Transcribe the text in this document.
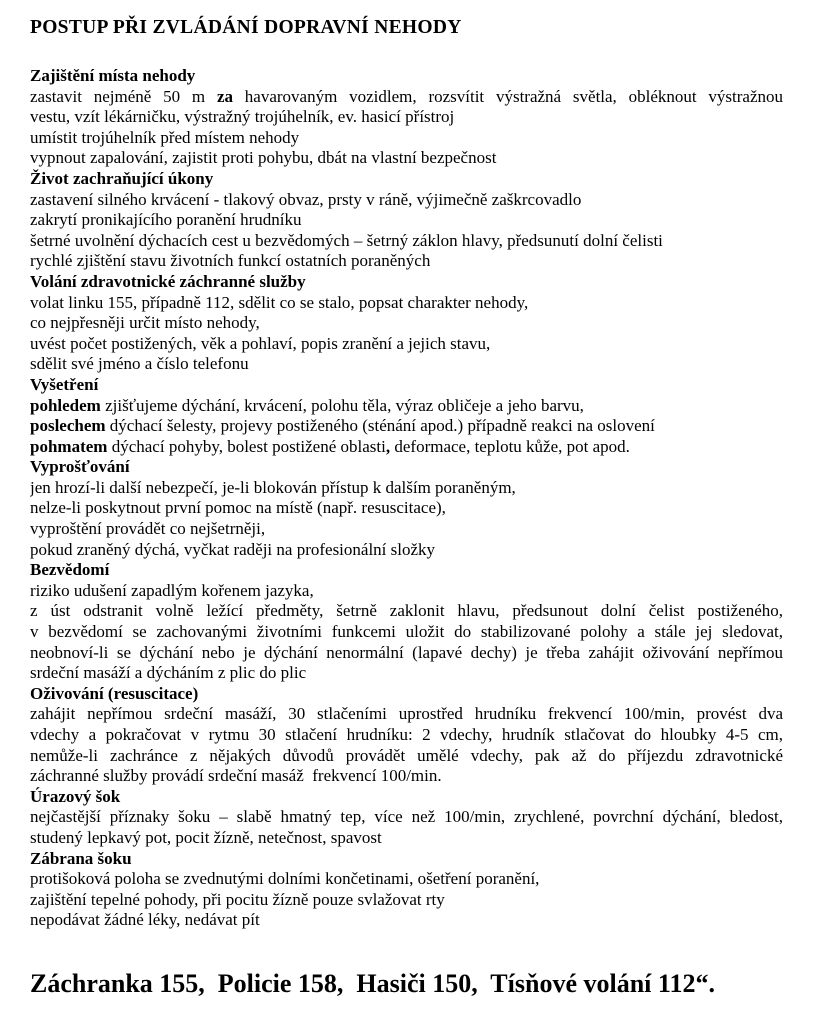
POSTUP PŘI ZVLÁDÁNÍ DOPRAVNÍ NEHODY
Zajištění místa nehody
zastavit nejméně 50 m za havarovaným vozidlem, rozsvítit výstražná světla, obléknout výstražnou
vestu, vzít lékárničku, výstražný trojúhelník, ev. hasicí přístroj
umístit trojúhelník před místem nehody
vypnout zapalování, zajistit proti pohybu, dbát na vlastní bezpečnost
Život zachraňující úkony
zastavení silného krvácení - tlakový obvaz, prsty v ráně, výjimečně zaškrcovadlo
zakrytí pronikajícího poranění hrudníku
šetrné uvolnění dýchacích cest u bezvědomých – šetrný záklon hlavy, předsunutí dolní čelisti
rychlé zjištění stavu životních funkcí ostatních poraněných
Volání zdravotnické záchranné služby
volat linku 155, případně 112, sdělit co se stalo, popsat charakter nehody,
co nejpřesněji určit místo nehody,
uvést počet postižených, věk a pohlaví, popis zranění a jejich stavu,
sdělit své jméno a číslo telefonu
Vyšetření
pohledem zjišťujeme dýchání, krvácení, polohu těla, výraz obličeje a jeho barvu,
poslechem dýchací šelesty, projevy postiženého (sténání apod.) případně reakci na oslovení
pohmatem dýchací pohyby, bolest postižené oblasti, deformace, teplotu kůže, pot apod.
Vyprošťování
jen hrozí-li další nebezpečí, je-li blokován přístup k dalším poraněným,
nelze-li poskytnout první pomoc na místě (např. resuscitace),
vyproštění provádět co nejšetrněji,
pokud zraněný dýchá, vyčkat raději na profesionální složky
Bezvědomí
riziko udušení zapadlým kořenem jazyka,
z úst odstranit volně ležící předměty, šetrně zaklonit hlavu, předsunout dolní čelist postiženého,
v bezvědomí se zachovanými životními funkcemi uložit do stabilizované polohy a stále jej sledovat,
neobnoví-li se dýchání nebo je dýchání nenormální (lapavé dechy) je třeba zahájit oživování nepřímou
srdeční masáží a dýcháním z plic do plic
Oživování (resuscitace)
zahájit nepřímou srdeční masáží, 30 stlačeními uprostřed hrudníku frekvencí 100/min, provést dva
vdechy a pokračovat v rytmu 30 stlačení hrudníku: 2 vdechy, hrudník stlačovat do hloubky 4-5 cm,
nemůže-li zachránce z nějakých důvodů provádět umělé vdechy, pak až do příjezdu zdravotnické
záchranné služby provádí srdeční masáž  frekvencí 100/min.
Úrazový šok
nejčastější příznaky šoku – slabě hmatný tep, více než 100/min, zrychlené, povrchní dýchání, bledost,
studený lepkavý pot, pocit žízně, netečnost, spavost
Zábrana šoku
protišoková poloha se zvednutými dolními končetinami, ošetření poranění,
zajištění tepelné pohody, při pocitu žízně pouze svlažovat rty
nepodávat žádné léky, nedávat pít
Záchranka 155,  Policie 158,  Hasiči 150,  Tísňové volání 112“.
